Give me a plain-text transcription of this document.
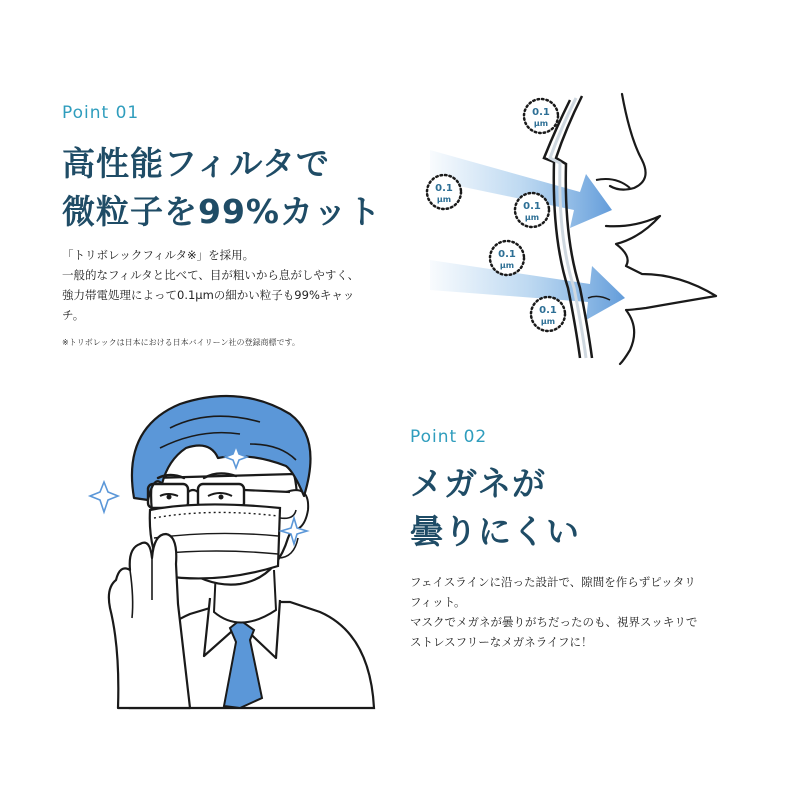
Point 01
高性能フィルタで
微粒子を99%カット

「トリボレックフィルタ※」を採用。
一般的なフィルタと比べて、目が粗いから息がしやすく、
強力帯電処理によって0.1μmの細かい粒子も99%キャッ
チ。

※トリボレックは日本における日本バイリーン社の登録商標です。
0.1
μm
0.1
μm
0.1
μm
0.1
μm
0.1
μm
Point 02
メガネが
曇りにくい

フェイスラインに沿った設計で、隙間を作らずピッタリ
フィット。
マスクでメガネが曇りがちだったのも、視界スッキリで
ストレスフリーなメガネライフに！
